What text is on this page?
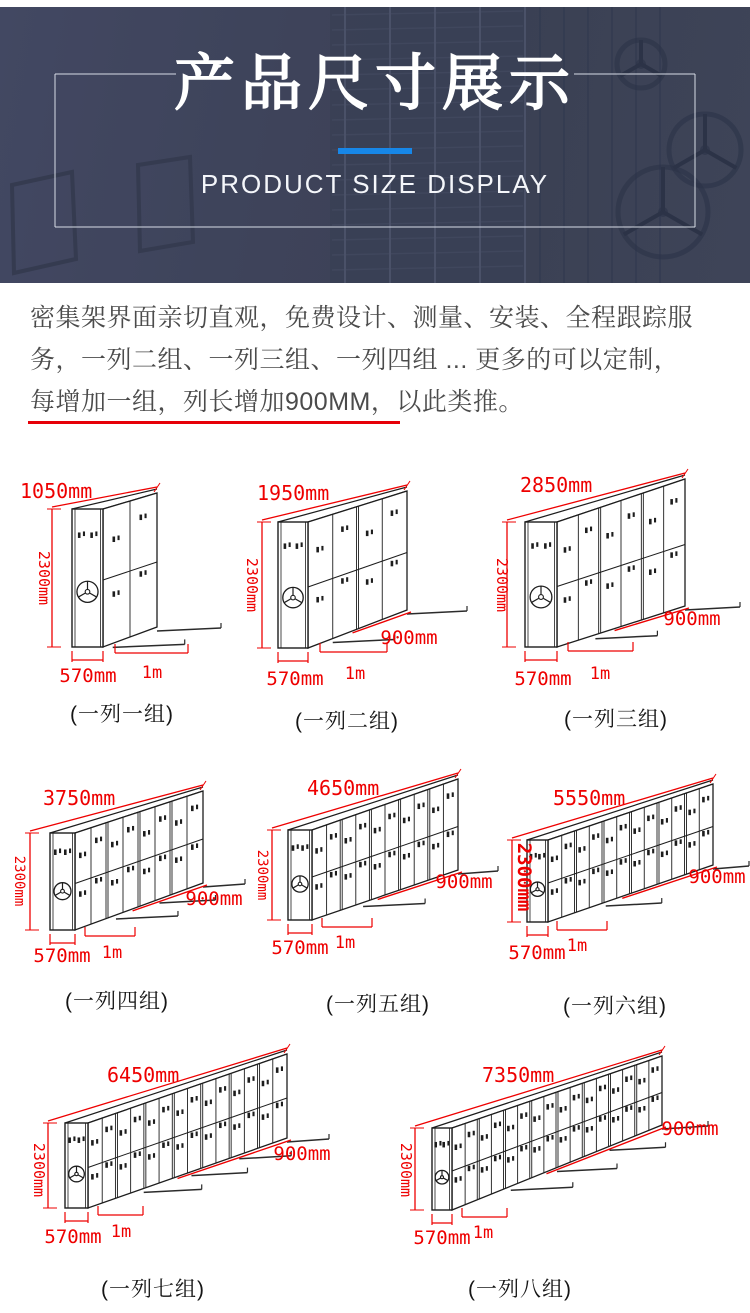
产品尺寸展示
PRODUCT SIZE DISPLAY
密集架界面亲切直观，免费设计、测量、安装、全程跟踪服
务，一列二组、一列三组、一列四组 ... 更多的可以定制，
每增加一组，列长增加900MM，以此类推。
1050mm
2300mm
570mm 1m
(一列一组)
1950mm
2300mm
570mm 1m
900mm
(一列二组)
2850mm
2300mm
570mm 1m
900mm
(一列三组)
3750mm
2300mm
570mm 1m
900mm
(一列四组)
4650mm
2300mm
570mm 1m
900mm
(一列五组)
5550mm
2300mm
570mm 1m
900mm
(一列六组)
6450mm
2300mm
570mm 1m
900mm
(一列七组)
7350mm
2300mm
570mm 1m
900mm
(一列八组)
